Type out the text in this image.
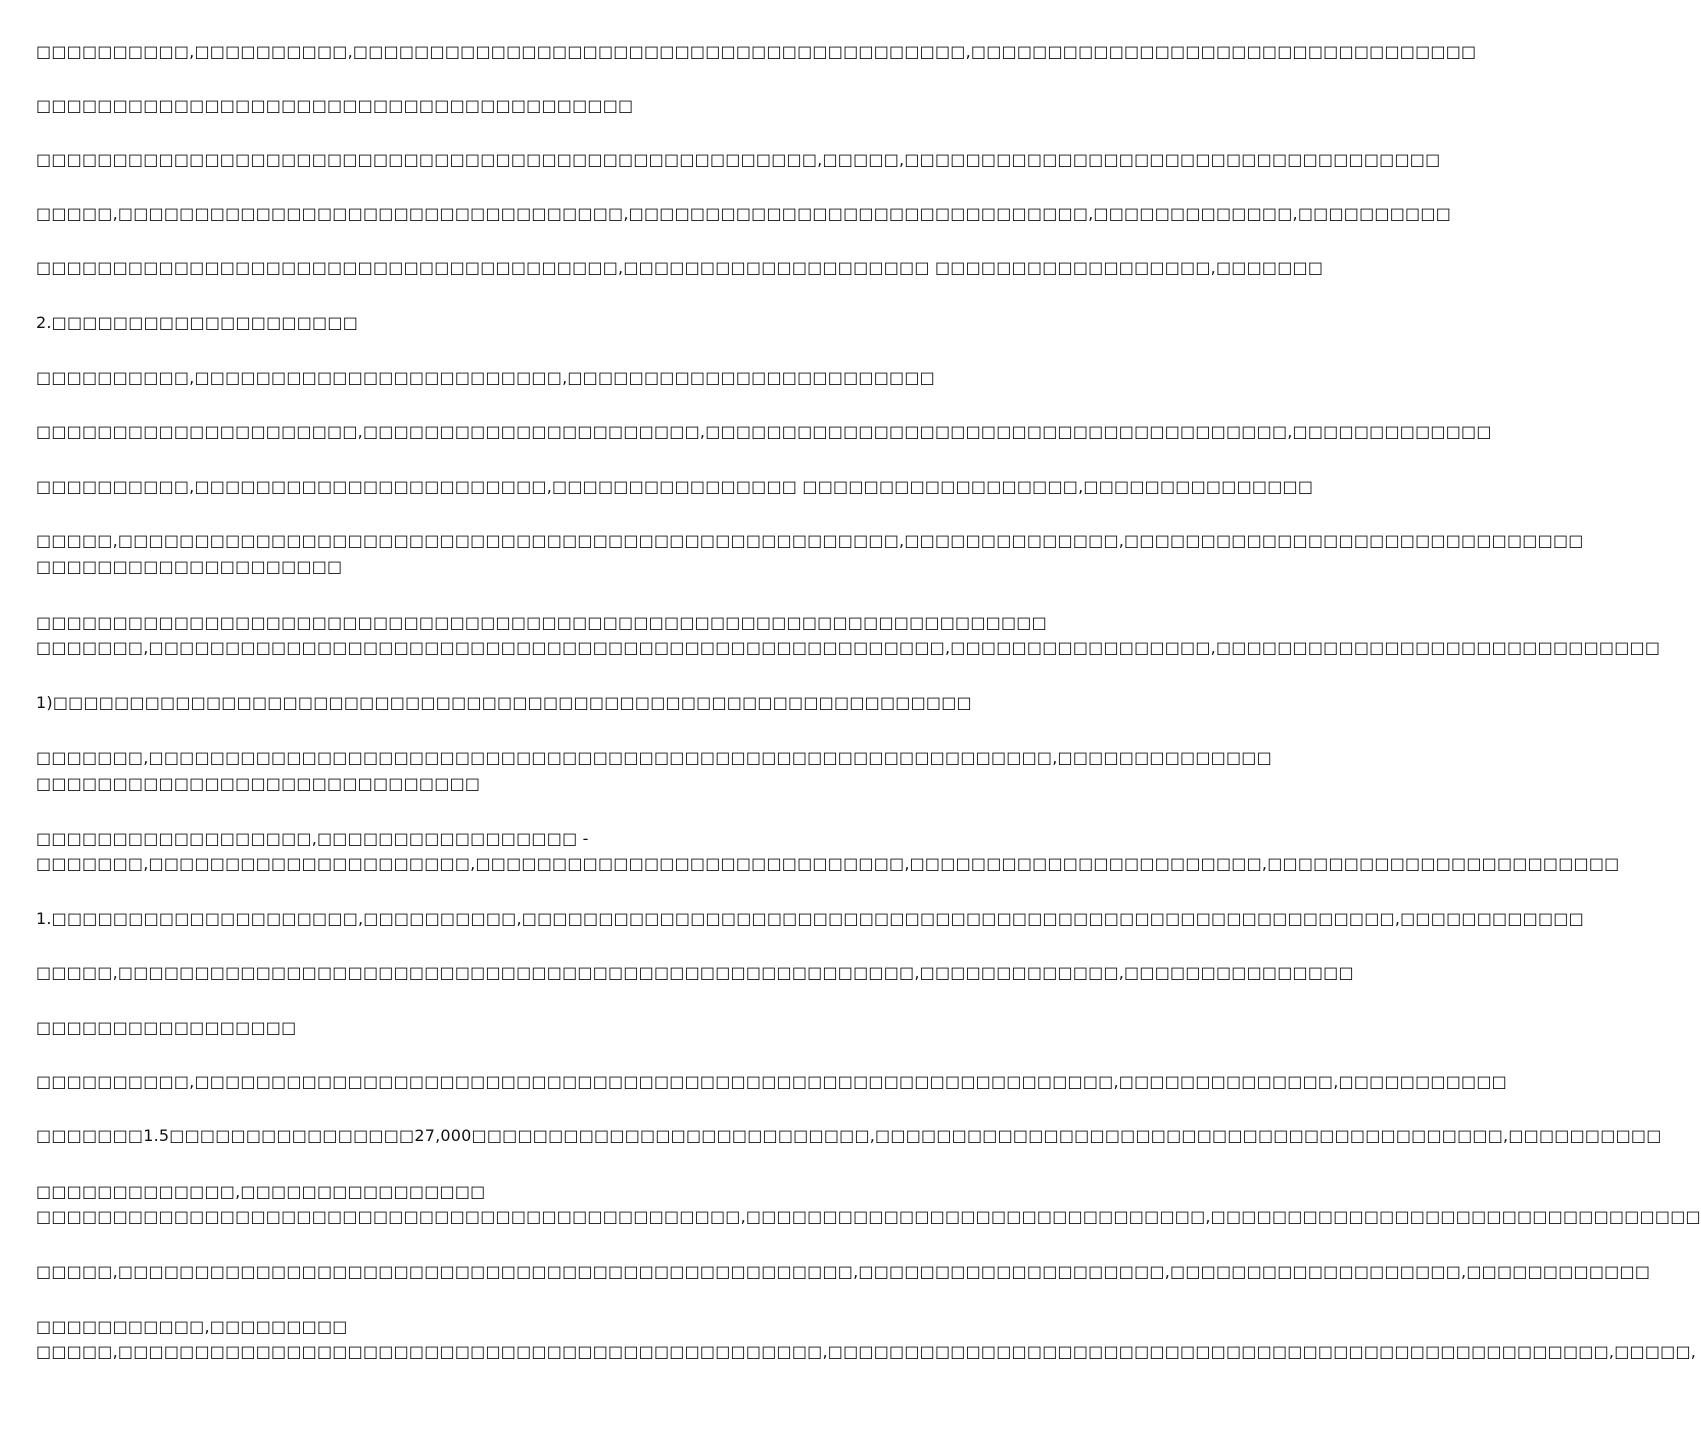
□□□□□□□□□□,□□□□□□□□□□,□□□□□□□□□□□□□□□□□□□□□□□□□□□□□□□□□□□□□□□□,□□□□□□□□□□□□□□□□□□□□□□□□□□□□□□□□□
□□□□□□□□□□□□□□□□□□□□□□□□□□□□□□□□□□□□□□□
□□□□□□□□□□□□□□□□□□□□□□□□□□□□□□□□□□□□□□□□□□□□□□□□□□□,□□□□□,□□□□□□□□□□□□□□□□□□□□□□□□□□□□□□□□□□□
□□□□□,□□□□□□□□□□□□□□□□□□□□□□□□□□□□□□□□□,□□□□□□□□□□□□□□□□□□□□□□□□□□□□□□,□□□□□□□□□□□□□,□□□□□□□□□□
□□□□□□□□□□□□□□□□□□□□□□□□□□□□□□□□□□□□□□,□□□□□□□□□□□□□□□□□□□□ □□□□□□□□□□□□□□□□□□,□□□□□□□
2.□□□□□□□□□□□□□□□□□□□□
□□□□□□□□□□,□□□□□□□□□□□□□□□□□□□□□□□□,□□□□□□□□□□□□□□□□□□□□□□□□
□□□□□□□□□□□□□□□□□□□□□,□□□□□□□□□□□□□□□□□□□□□□,□□□□□□□□□□□□□□□□□□□□□□□□□□□□□□□□□□□□□□,□□□□□□□□□□□□□
□□□□□□□□□□,□□□□□□□□□□□□□□□□□□□□□□□,□□□□□□□□□□□□□□□□ □□□□□□□□□□□□□□□□□□,□□□□□□□□□□□□□□□
□□□□□,□□□□□□□□□□□□□□□□□□□□□□□□□□□□□□□□□□□□□□□□□□□□□□□□□□□,□□□□□□□□□□□□□□,□□□□□□□□□□□□□□□□□□□□□□□□□□□□□□
□□□□□□□□□□□□□□□□□□□□
□□□□□□□□□□□□□□□□□□□□□□□□□□□□□□□□□□□□□□□□□□□□□□□□□□□□□□□□□□□□□□□□□□
□□□□□□□,□□□□□□□□□□□□□□□□□□□□□□□□□□□□□□□□□□□□□□□□□□□□□□□□□□□□,□□□□□□□□□□□□□□□□□,□□□□□□□□□□□□□□□□□□□□□□□□□□□□□
1)□□□□□□□□□□□□□□□□□□□□□□□□□□□□□□□□□□□□□□□□□□□□□□□□□□□□□□□□□□□□
□□□□□□□,□□□□□□□□□□□□□□□□□□□□□□□□□□□□□□□□□□□□□□□□□□□□□□□□□□□□□□□□□□□,□□□□□□□□□□□□□□
□□□□□□□□□□□□□□□□□□□□□□□□□□□□□
□□□□□□□□□□□□□□□□□□,□□□□□□□□□□□□□□□□□ -
□□□□□□□,□□□□□□□□□□□□□□□□□□□□□,□□□□□□□□□□□□□□□□□□□□□□□□□□□□,□□□□□□□□□□□□□□□□□□□□□□□,□□□□□□□□□□□□□□□□□□□□□□□
1.□□□□□□□□□□□□□□□□□□□□,□□□□□□□□□□,□□□□□□□□□□□□□□□□□□□□□□□□□□□□□□□□□□□□□□□□□□□□□□□□□□□□□□□□□,□□□□□□□□□□□□
□□□□□,□□□□□□□□□□□□□□□□□□□□□□□□□□□□□□□□□□□□□□□□□□□□□□□□□□□□,□□□□□□□□□□□□□,□□□□□□□□□□□□□□□
□□□□□□□□□□□□□□□□□
□□□□□□□□□□,□□□□□□□□□□□□□□□□□□□□□□□□□□□□□□□□□□□□□□□□□□□□□□□□□□□□□□□□□□□□,□□□□□□□□□□□□□□,□□□□□□□□□□□
□□□□□□□1.5□□□□□□□□□□□□□□□□27,000□□□□□□□□□□□□□□□□□□□□□□□□□□,□□□□□□□□□□□□□□□□□□□□□□□□□□□□□□□□□□□□□□□□□,□□□□□□□□□□
□□□□□□□□□□□□□,□□□□□□□□□□□□□□□□
□□□□□□□□□□□□□□□□□□□□□□□□□□□□□□□□□□□□□□□□□□□□□□,□□□□□□□□□□□□□□□□□□□□□□□□□□□□□□,□□□□□□□□□□□□□□□□□□□□□□□□□□□□□□□□
□□□□□,□□□□□□□□□□□□□□□□□□□□□□□□□□□□□□□□□□□□□□□□□□□□□□□□,□□□□□□□□□□□□□□□□□□□□,□□□□□□□□□□□□□□□□□□□,□□□□□□□□□□□□
□□□□□□□□□□□,□□□□□□□□□
□□□□□,□□□□□□□□□□□□□□□□□□□□□□□□□□□□□□□□□□□□□□□□□□□□□□,□□□□□□□□□□□□□□□□□□□□□□□□□□□□□□□□□□□□□□□□□□□□□□□□□□□,□□□□□,
